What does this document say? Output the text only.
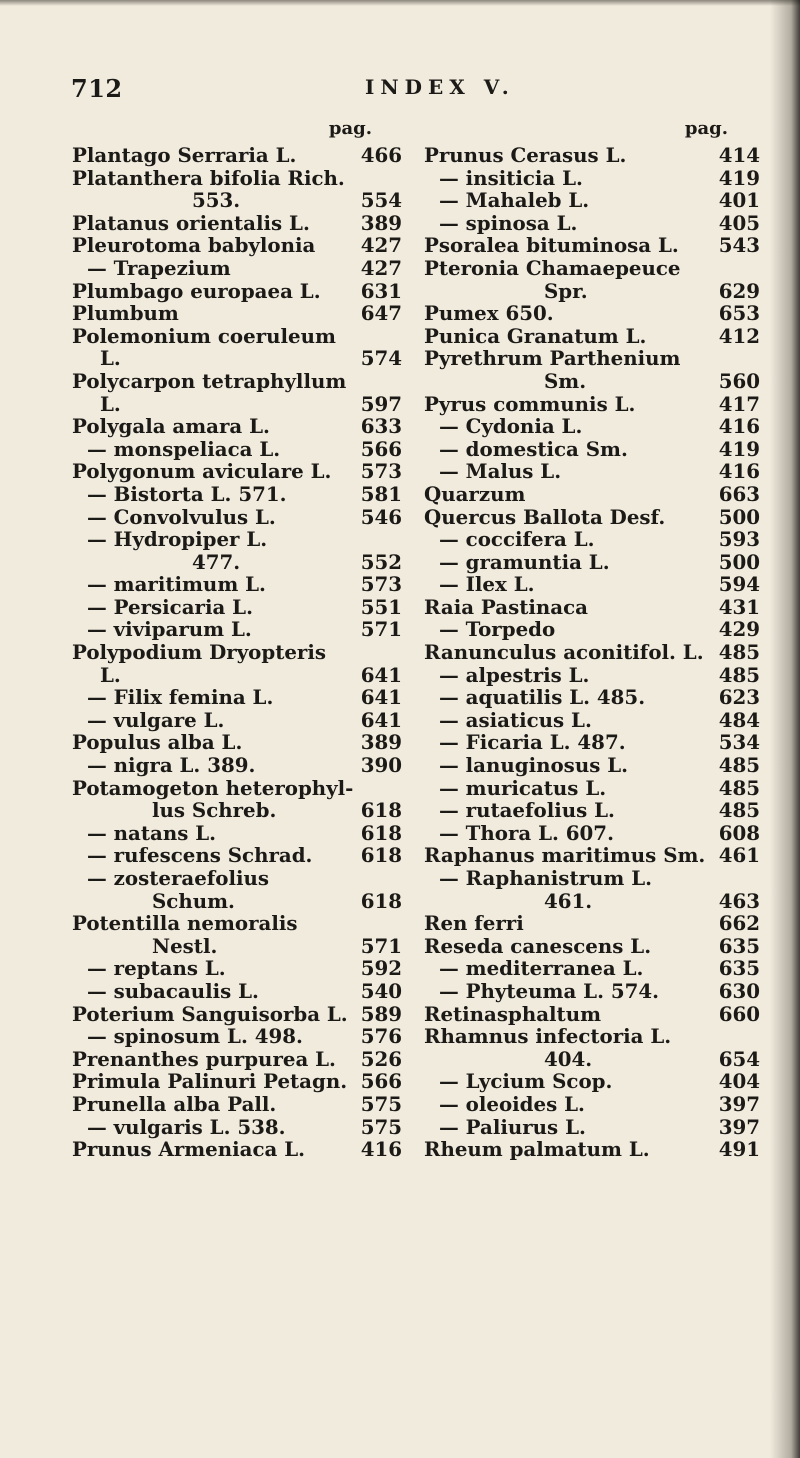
712	INDEX V.
pag.
Plantago Serraria L.	466
Platanthera bifolia Rich.
553.	554
Platanus orientalis L.	389
Pleurotoma babylonia 427
— Trapezium	427
Plumbago europaea L. 631
Plumbum	647
Polemonium coeruleum
L.	574
Polycarpon tetraphyllum
L.	597
Polygala amara L.	633
— monspeliaca L.	566
Polygonum aviculare L. 573
— Bistorta L. 571.	581
— Convolvulus L.	546
— Hydropiper L.
477.	552
— maritimum L.	573
— Persicaria L.	551
— viviparum L.	571
Polypodium Dryopteris
L.	641
— Filix femina L.	641
— vulgare L.	641
Populus alba L.	389
— nigra L. 389.	390
Potamogeton heterophyl-
lus Schreb.	618
— natans L.	618
— rufescens Schrad. 618
— zosteraefolius
Schum.	618
Potentilla nemoralis
Nestl.	571
— reptans L.	592
— subacaulis L.	540
Poterium Sanguisorba L. 589
— spinosum L. 498.	576
Prenanthes purpurea L. 526
Primula Palinuri Petagn. 566
Prunella alba Pall.	575
— vulgaris L. 538.	575
Prunus Armeniaca L.	416
pag.
Prunus Cerasus L.	414
— insiticia L.	419
— Mahaleb L.	401
— spinosa L.	405
Psoralea bituminosa L. 543
Pteronia Chamaepeuce
Spr.	629
Pumex 650.	653
Punica Granatum L.	412
Pyrethrum Parthenium
Sm.	560
Pyrus communis L.	417
— Cydonia L.	416
— domestica Sm.	419
— Malus L.	416
Quarzum	663
Quercus Ballota Desf.	500
— coccifera L.	593
— gramuntia L.	500
— Ilex L.	594
Raia Pastinaca	431
— Torpedo	429
Ranunculus aconitifol. L. 485
— alpestris L.	485
— aquatilis L. 485.	623
— asiaticus L.	484
— Ficaria L. 487.	534
— lanuginosus L.	485
— muricatus L.	485
— rutaefolius L.	485
— Thora L. 607.	608
Raphanus maritimus Sm. 461
— Raphanistrum L.
461.	463
Ren ferri	662
Reseda canescens L.	635
— mediterranea L.	635
— Phyteuma L. 574.	630
Retinasphaltum	660
Rhamnus infectoria L.
404.	654
— Lycium Scop.	404
— oleoides L.	397
— Paliurus L.	397
Rheum palmatum L.	491
